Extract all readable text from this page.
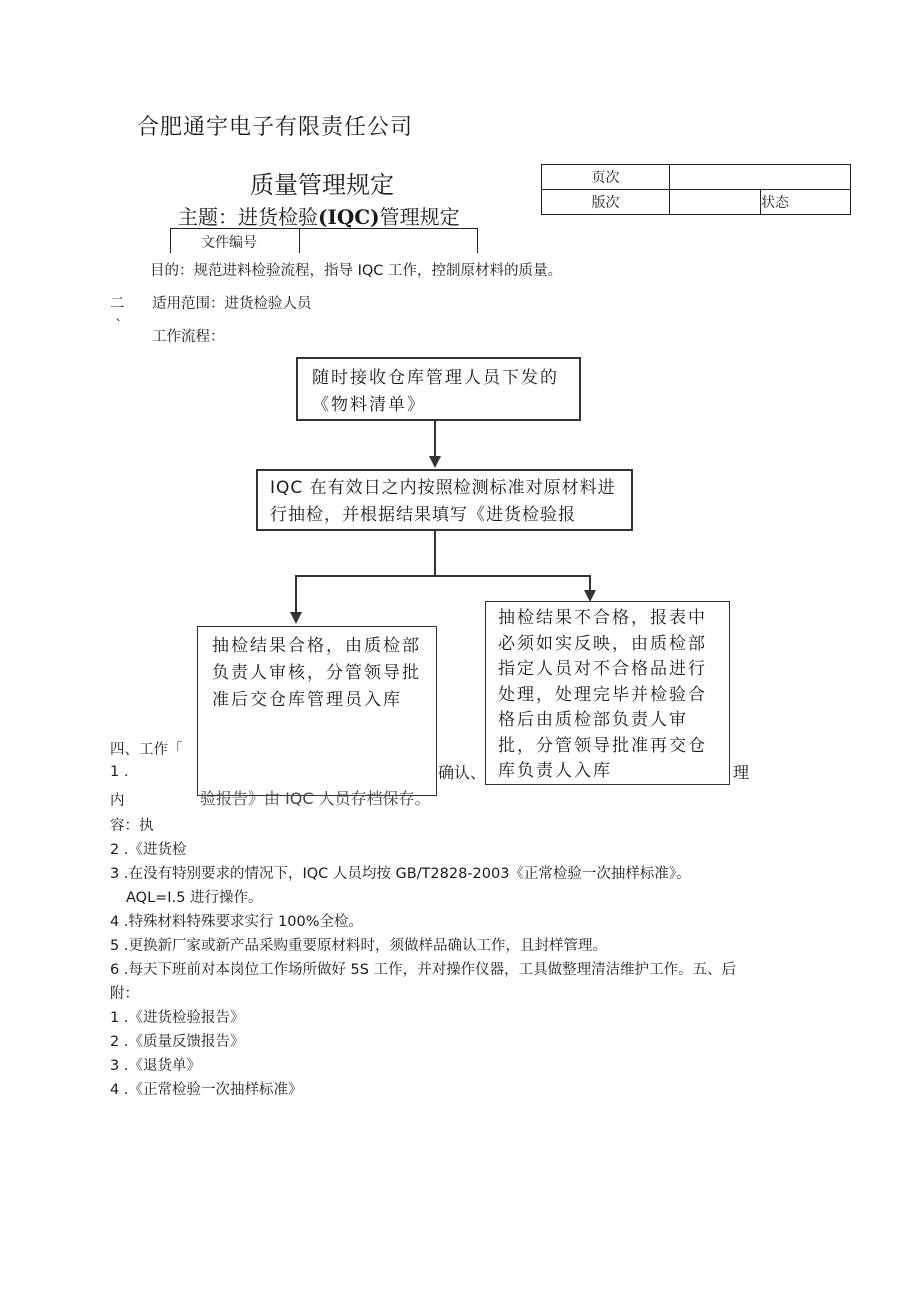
合肥通宇电子有限责任公司
质量管理规定
主题：进货检验(IQC)管理规定
页次		
版次		状态
文件编号
目的：规范进料检验流程，指导 IQC 工作，控制原材料的质量。
二 适用范围：进货检验人员
`
工作流程：
随时接收仓库管理人员下发的
《物料清单》
IQC 在有效日之内按照检测标准对原材料进
行抽检，并根据结果填写《进货检验报
抽检结果合格，由质检部
负责人审核，分管领导批
准后交仓库管理员入库
抽检结果不合格，报表中
必须如实反映，由质检部
指定人员对不合格品进行
处理，处理完毕并检验合
格后由质检部负责人审
批，分管领导批准再交仓
库负责人入库
四、工作「
1 .	确认、	理
验报告》由 IQC 人员存档保存。
内
容：执
2 .《进货检
3 .在没有特别要求的情况下，IQC 人员均按 GB/T2828-2003《正常检验一次抽样标准》。
AQL=I.5 进行操作。
4 .特殊材料特殊要求实行 100%全检。
5 .更换新厂家或新产品采购重要原材料时，须做样品确认工作，且封样管理。
6 .每天下班前对本岗位工作场所做好 5S 工作，并对操作仪器，工具做整理清洁维护工作。五、后
附：
1 .《进货检验报告》
2 .《质量反馈报告》
3 .《退货单》
4 .《正常检验一次抽样标准》
